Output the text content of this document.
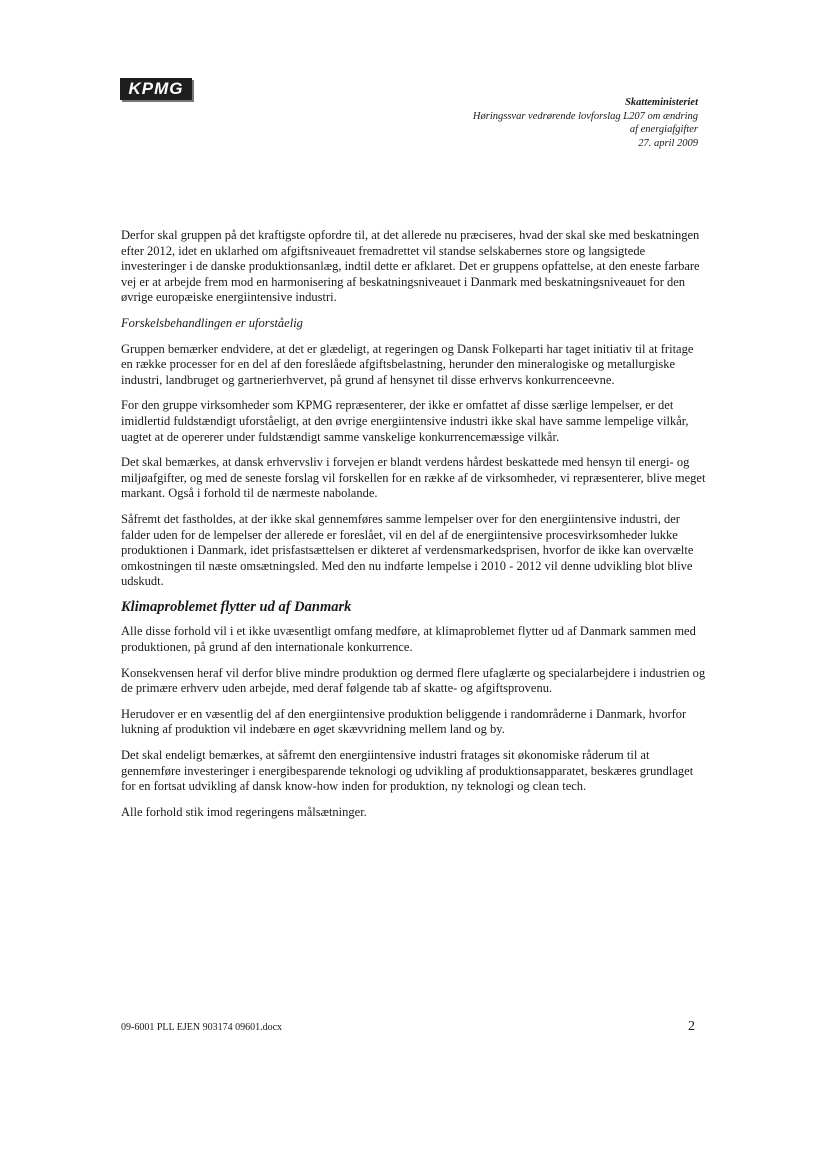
KPMG
Skatteministeriet
Høringssvar vedrørende lovforslag L207 om ændring
af energiafgifter
27. april 2009

Derfor skal gruppen på det kraftigste opfordre til, at det allerede nu præciseres, hvad der skal ske med beskatningen efter 2012, idet en uklarhed om afgiftsniveauet fremadrettet vil standse selskabernes store og langsigtede investeringer i de danske produktionsanlæg, indtil dette er afklaret. Det er gruppens opfattelse, at den eneste farbare vej er at arbejde frem mod en harmonisering af beskatningsniveauet i Danmark med beskatningsniveauet for den øvrige europæiske energiintensive industri.

Forskelsbehandlingen er uforståelig

Gruppen bemærker endvidere, at det er glædeligt, at regeringen og Dansk Folkeparti har taget initiativ til at fritage en række processer for en del af den foreslåede afgiftsbelastning, herunder den mineralogiske og metallurgiske industri, landbruget og gartnerierhvervet, på grund af hensynet til disse erhvervs konkurrenceevne.

For den gruppe virksomheder som KPMG repræsenterer, der ikke er omfattet af disse særlige lempelser, er det imidlertid fuldstændigt uforståeligt, at den øvrige energiintensive industri ikke skal have samme lempelige vilkår, uagtet at de opererer under fuldstændigt samme vanskelige konkurrencemæssige vilkår.

Det skal bemærkes, at dansk erhvervsliv i forvejen er blandt verdens hårdest beskattede med hensyn til energi- og miljøafgifter, og med de seneste forslag vil forskellen for en række af de virksomheder, vi repræsenterer, blive meget markant. Også i forhold til de nærmeste nabolande.

Såfremt det fastholdes, at der ikke skal gennemføres samme lempelser over for den energiintensive industri, der falder uden for de lempelser der allerede er foreslået, vil en del af de energiintensive procesvirksomheder lukke produktionen i Danmark, idet prisfastsættelsen er dikteret af verdensmarkedsprisen, hvorfor de ikke kan overvælte omkostningen til næste omsætningsled. Med den nu indførte lempelse i 2010 - 2012 vil denne udvikling blot blive udskudt.

Klimaproblemet flytter ud af Danmark

Alle disse forhold vil i et ikke uvæsentligt omfang medføre, at klimaproblemet flytter ud af Danmark sammen med produktionen, på grund af den internationale konkurrence.

Konsekvensen heraf vil derfor blive mindre produktion og dermed flere ufaglærte og specialarbejdere i industrien og de primære erhverv uden arbejde, med deraf følgende tab af skatte- og afgiftsprovenu.

Herudover er en væsentlig del af den energiintensive produktion beliggende i randområderne i Danmark, hvorfor lukning af produktion vil indebære en øget skævvridning mellem land og by.

Det skal endeligt bemærkes, at såfremt den energiintensive industri fratages sit økonomiske råderum til at gennemføre investeringer i energibesparende teknologi og udvikling af produktionsapparatet, beskæres grundlaget for en fortsat udvikling af dansk know-how inden for produktion, ny teknologi og clean tech.

Alle forhold stik imod regeringens målsætninger.

09-6001 PLL EJEN 903174 09601.docx	2
